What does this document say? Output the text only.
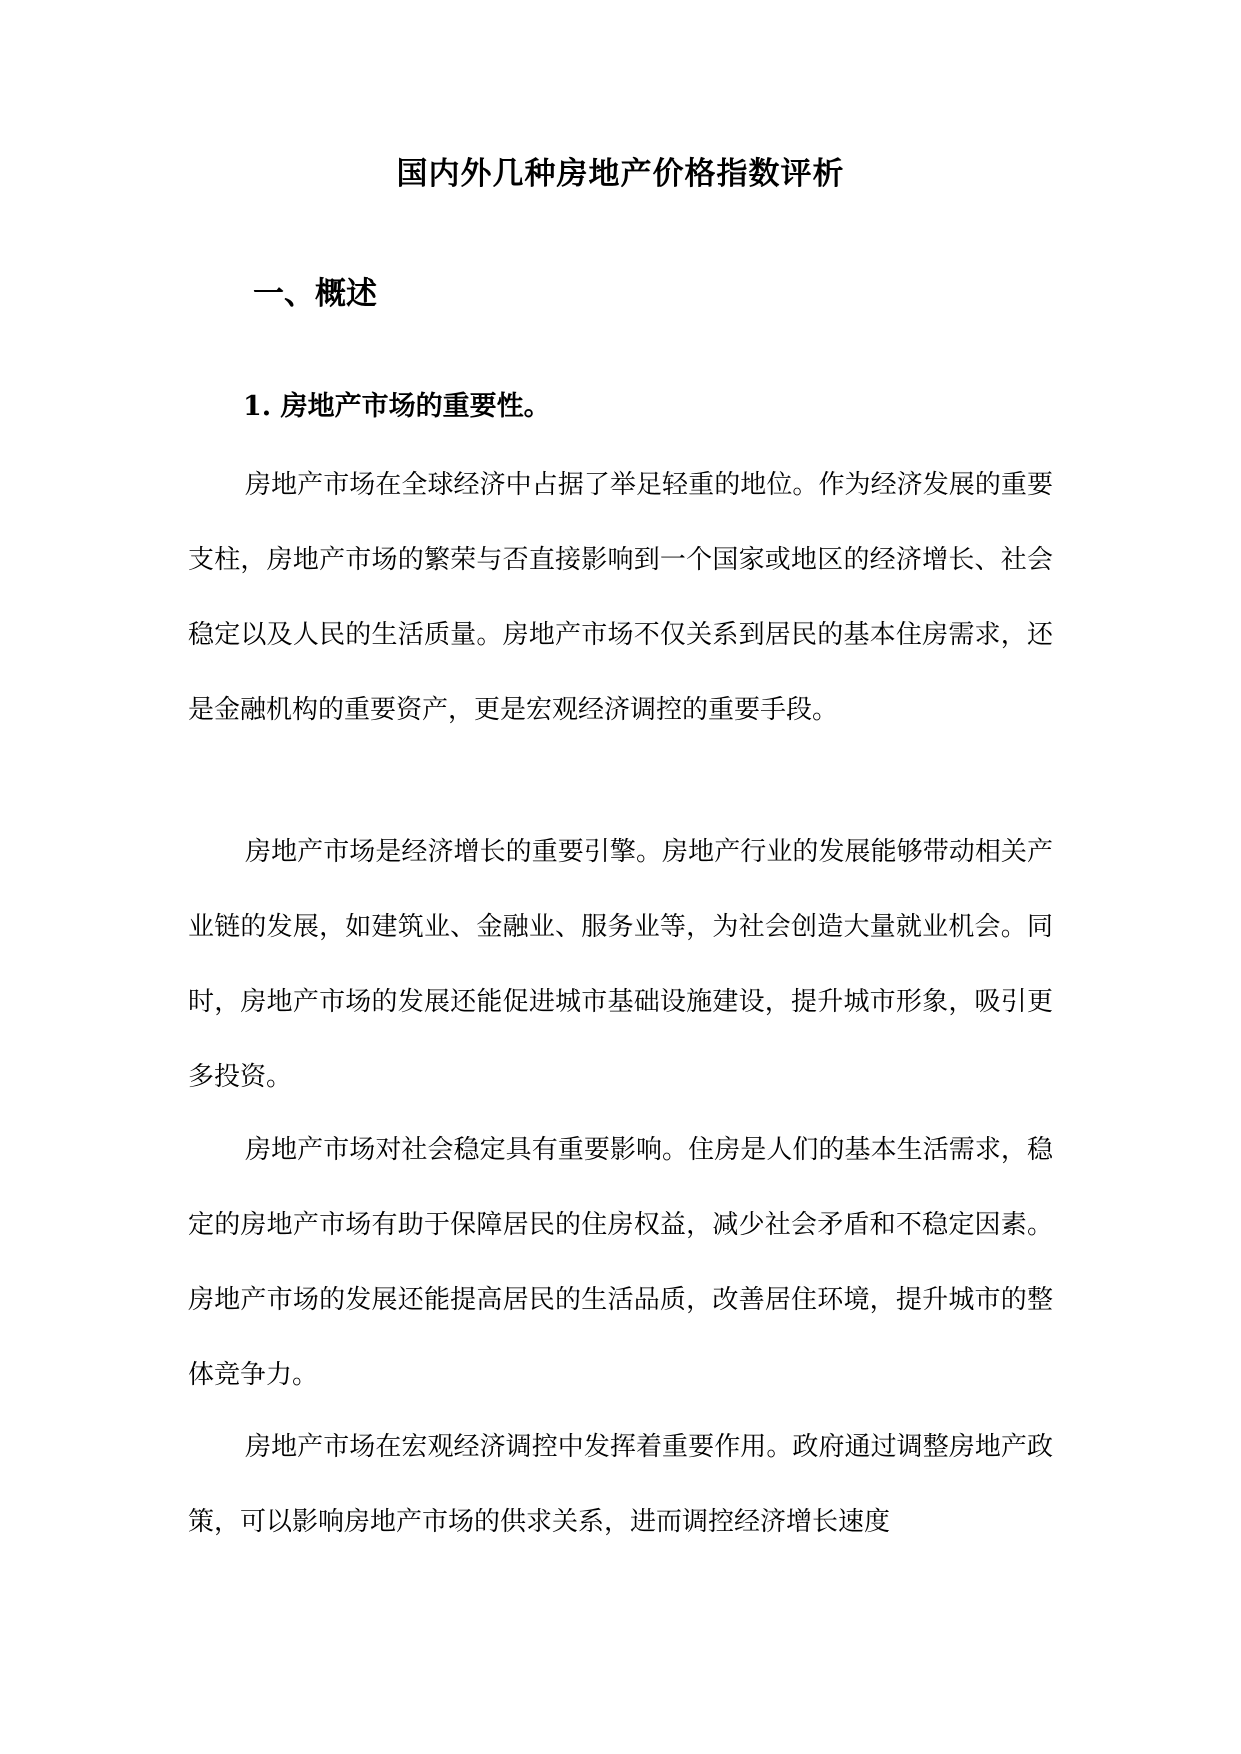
国内外几种房地产价格指数评析
一、概述
1. 房地产市场的重要性。

房地产市场在全球经济中占据了举足轻重的地位。作为经济发展的重要支柱，房地产市场的繁荣与否直接影响到一个国家或地区的经济增长、社会稳定以及人民的生活质量。房地产市场不仅关系到居民的基本住房需求，还是金融机构的重要资产，更是宏观经济调控的重要手段。

房地产市场是经济增长的重要引擎。房地产行业的发展能够带动相关产业链的发展，如建筑业、金融业、服务业等，为社会创造大量就业机会。同时，房地产市场的发展还能促进城市基础设施建设，提升城市形象，吸引更多投资。

房地产市场对社会稳定具有重要影响。住房是人们的基本生活需求，稳定的房地产市场有助于保障居民的住房权益，减少社会矛盾和不稳定因素。房地产市场的发展还能提高居民的生活品质，改善居住环境，提升城市的整体竞争力。

房地产市场在宏观经济调控中发挥着重要作用。政府通过调整房地产政策，可以影响房地产市场的供求关系，进而调控经济增长速度
